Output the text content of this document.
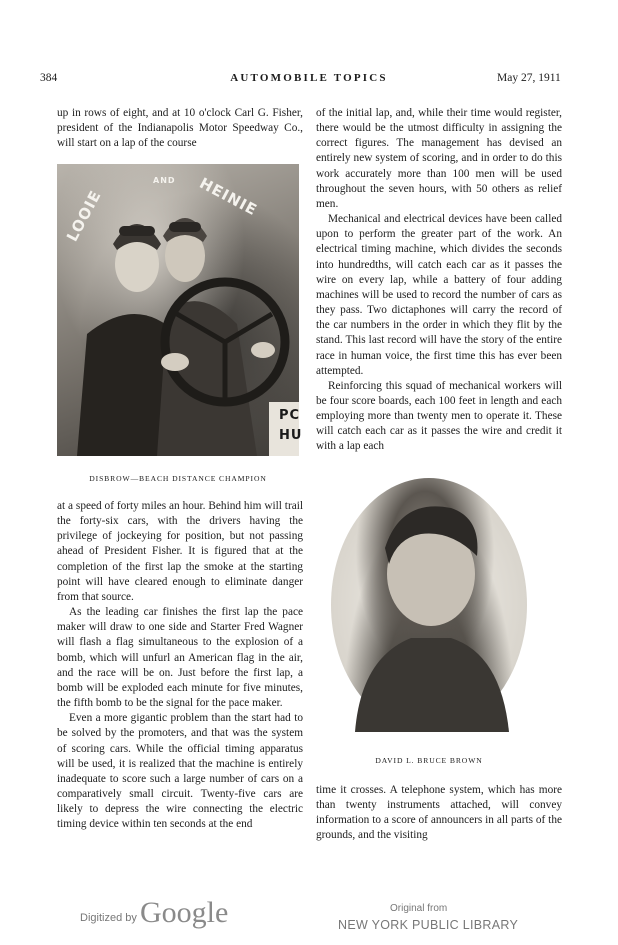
384	AUTOMOBILE TOPICS	May 27, 1911

up in rows of eight, and at 10 o'clock Carl G. Fisher, president of the Indianapolis Motor Speedway Co., will start on a lap of the course

LOOIE
AND HEINIE
PC
HU
DISBROW—BEACH DISTANCE CHAMPION

at a speed of forty miles an hour. Behind him will trail the forty-six cars, with the drivers having the privilege of jockeying for position, but not passing ahead of President Fisher. It is figured that at the completion of the first lap the smoke at the starting point will have cleared enough to eliminate danger from that source.

As the leading car finishes the first lap the pace maker will draw to one side and Starter Fred Wagner will flash a flag simultaneous to the explosion of a bomb, which will unfurl an American flag in the air, and the race will be on. Just before the first lap, a bomb will be exploded each minute for five minutes, the fifth bomb to be the signal for the pace maker.

Even a more gigantic problem than the start had to be solved by the promoters, and that was the system of scoring cars. While the official timing apparatus will be used, it is realized that the machine is entirely inadequate to score such a large number of cars on a comparatively small circuit. Twenty-five cars are likely to depress the wire connecting the electric timing device within ten seconds at the end

of the initial lap, and, while their time would register, there would be the utmost difficulty in assigning the correct figures. The management has devised an entirely new system of scoring, and in order to do this work accurately more than 100 men will be used throughout the seven hours, with 50 others as relief men.

Mechanical and electrical devices have been called upon to perform the greater part of the work. An electrical timing machine, which divides the seconds into hundredths, will catch each car as it passes the wire on every lap, while a battery of four adding machines will be used to record the number of cars as they pass. Two dictaphones will carry the record of the car numbers in the order in which they flit by the stand. This last record will have the story of the entire race in human voice, the first time this has ever been attempted.

Reinforcing this squad of mechanical workers will be four score boards, each 100 feet in length and each employing more than twenty men to operate it. These will catch each car as it passes the wire and credit it with a lap each

DAVID L. BRUCE BROWN

time it crosses. A telephone system, which has more than twenty instruments attached, will convey information to a score of announcers in all parts of the grounds, and the visiting

Digitized by Google	Original from
NEW YORK PUBLIC LIBRARY
